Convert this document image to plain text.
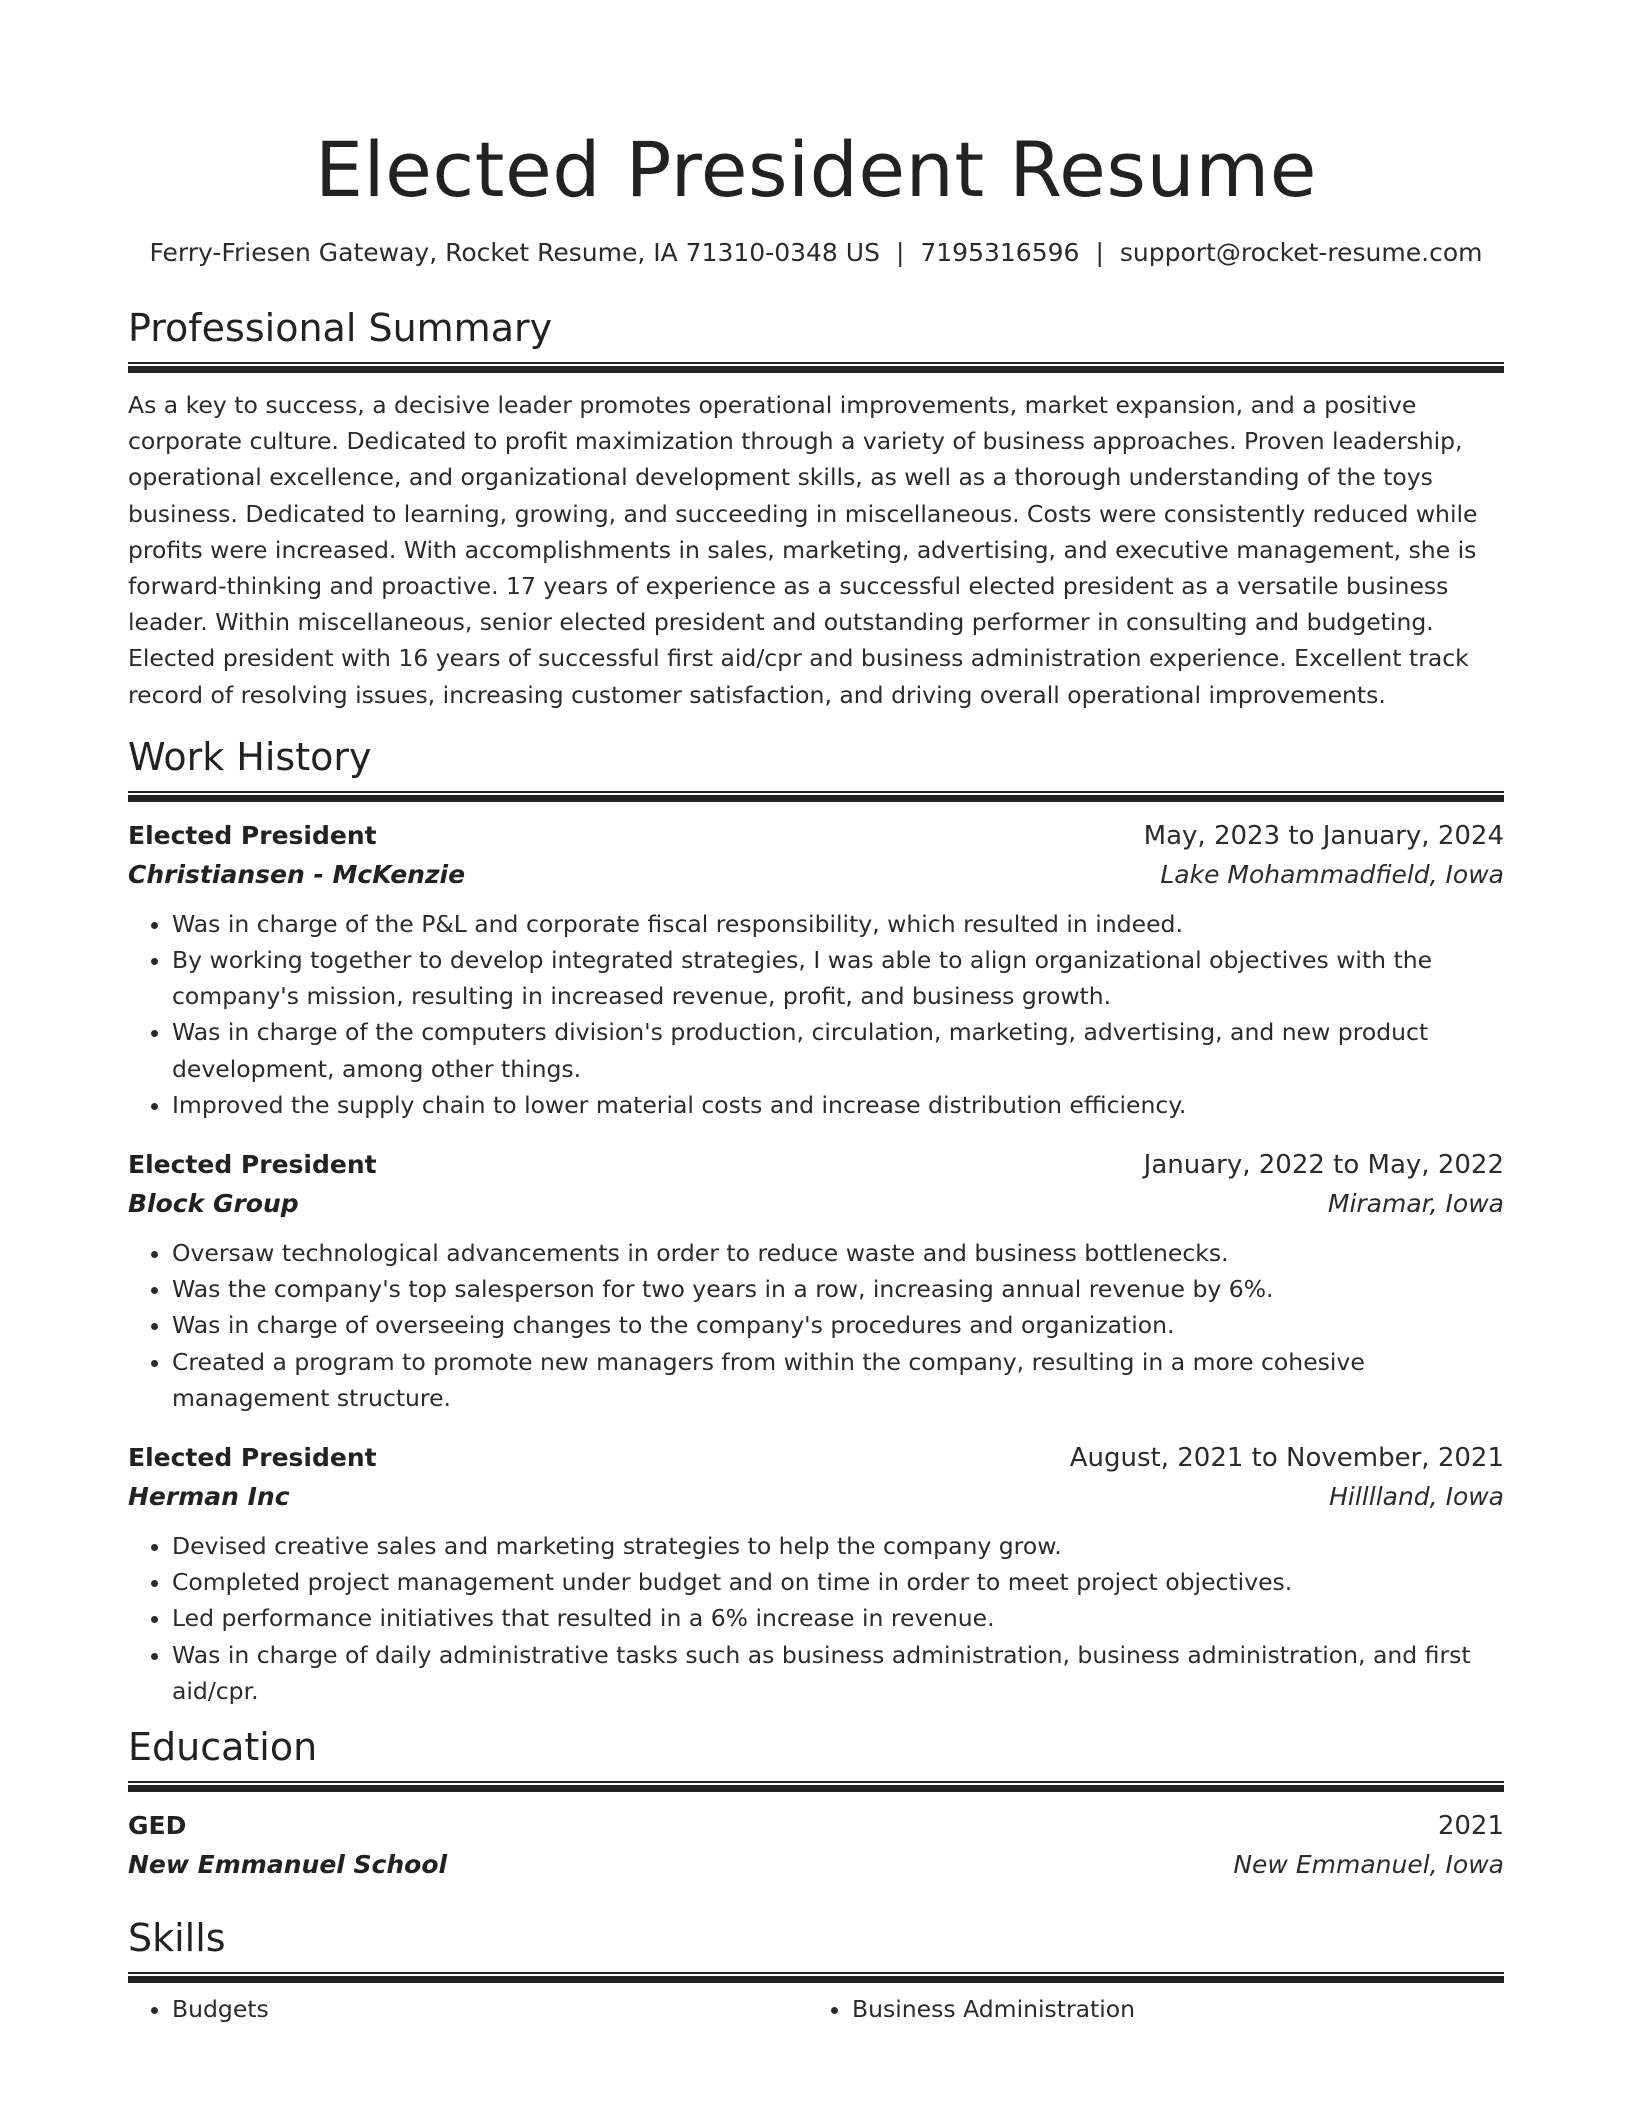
Elected President Resume
Ferry-Friesen Gateway, Rocket Resume, IA 71310-0348 US | 7195316596 | support@rocket-resume.com
Professional Summary

As a key to success, a decisive leader promotes operational improvements, market expansion, and a positive corporate culture. Dedicated to profit maximization through a variety of business approaches. Proven leadership, operational excellence, and organizational development skills, as well as a thorough understanding of the toys business. Dedicated to learning, growing, and succeeding in miscellaneous. Costs were consistently reduced while profits were increased. With accomplishments in sales, marketing, advertising, and executive management, she is forward-thinking and proactive. 17 years of experience as a successful elected president as a versatile business leader. Within miscellaneous, senior elected president and outstanding performer in consulting and budgeting. Elected president with 16 years of successful first aid/cpr and business administration experience. Excellent track record of resolving issues, increasing customer satisfaction, and driving overall operational improvements.

Work History
Elected President	May, 2023 to January, 2024
Christiansen - McKenzie	Lake Mohammadfield, Iowa
• Was in charge of the P&L and corporate fiscal responsibility, which resulted in indeed.
• By working together to develop integrated strategies, I was able to align organizational objectives with the company's mission, resulting in increased revenue, profit, and business growth.
• Was in charge of the computers division's production, circulation, marketing, advertising, and new product development, among other things.
• Improved the supply chain to lower material costs and increase distribution efficiency.
Elected President	January, 2022 to May, 2022
Block Group	Miramar, Iowa
• Oversaw technological advancements in order to reduce waste and business bottlenecks.
• Was the company's top salesperson for two years in a row, increasing annual revenue by 6%.
• Was in charge of overseeing changes to the company's procedures and organization.
• Created a program to promote new managers from within the company, resulting in a more cohesive management structure.
Elected President	August, 2021 to November, 2021
Herman Inc	Hilllland, Iowa
• Devised creative sales and marketing strategies to help the company grow.
• Completed project management under budget and on time in order to meet project objectives.
• Led performance initiatives that resulted in a 6% increase in revenue.
• Was in charge of daily administrative tasks such as business administration, business administration, and first aid/cpr.
Education
GED	2021
New Emmanuel School	New Emmanuel, Iowa
Skills
• Budgets
•	Business Administration
